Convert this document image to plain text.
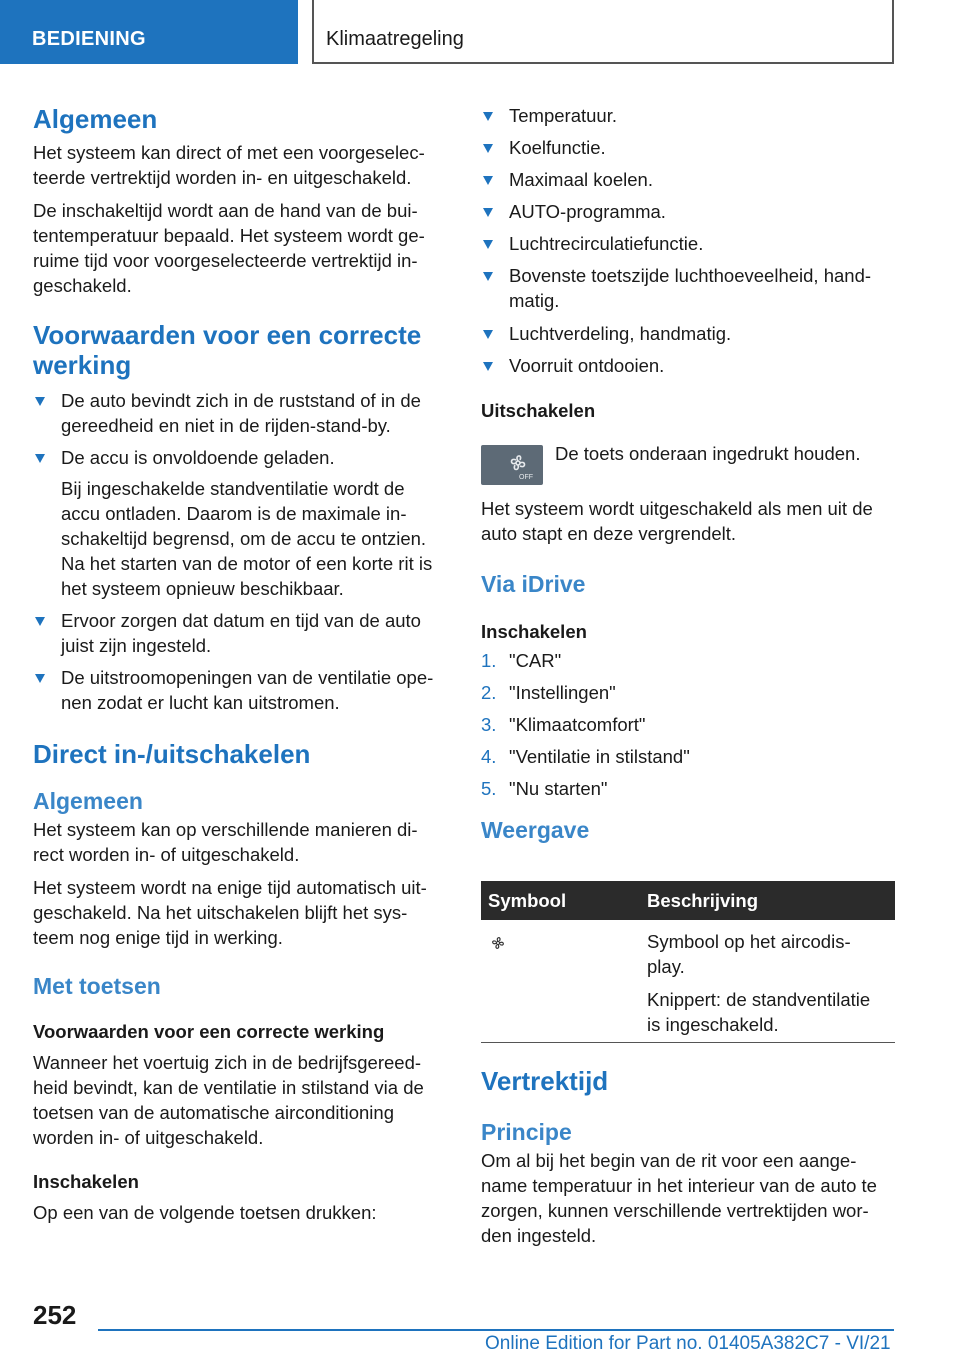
BEDIENING	Klimaatregeling
Algemeen
Het systeem kan direct of met een voorgeselec-teerde vertrektijd worden in- en uitgeschakeld.
De inschakeltijd wordt aan de hand van de bui-tentemperatuur bepaald. Het systeem wordt ge-ruime tijd voor voorgeselecteerde vertrektijd in-geschakeld.
Voorwaarden voor een correcte werking
De auto bevindt zich in de ruststand of in de gereedheid en niet in de rijden-stand-by.
De accu is onvoldoende geladen.
Bij ingeschakelde standventilatie wordt de accu ontladen. Daarom is de maximale in-schakeltijd begrensd, om de accu te ontzien. Na het starten van de motor of een korte rit is het systeem opnieuw beschikbaar.
Ervoor zorgen dat datum en tijd van de auto juist zijn ingesteld.
De uitstroomopeningen van de ventilatie ope-nen zodat er lucht kan uitstromen.
Direct in-/uitschakelen
Algemeen
Het systeem kan op verschillende manieren di-rect worden in- of uitgeschakeld.
Het systeem wordt na enige tijd automatisch uit-geschakeld. Na het uitschakelen blijft het sys-teem nog enige tijd in werking.
Met toetsen
Voorwaarden voor een correcte werking
Wanneer het voertuig zich in de bedrijfsgereed-heid bevindt, kan de ventilatie in stilstand via de toetsen van de automatische airconditioning worden in- of uitgeschakeld.
Inschakelen
Op een van de volgende toetsen drukken:
Temperatuur.
Koelfunctie.
Maximaal koelen.
AUTO-programma.
Luchtrecirculatiefunctie.
Bovenste toetszijde luchthoeveelheid, hand-matig.
Luchtverdeling, handmatig.
Voorruit ontdooien.
Uitschakelen
OFF
De toets onderaan ingedrukt houden.
Het systeem wordt uitgeschakeld als men uit de auto stapt en deze vergrendelt.
Via iDrive
Inschakelen
1. "CAR"
2. "Instellingen"
3. "Klimaatcomfort"
4. "Ventilatie in stilstand"
5. "Nu starten"
Weergave
Symbool	Beschrijving
Symbool op het aircodis-play.
Knippert: de standventilatie is ingeschakeld.
Vertrektijd
Principe
Om al bij het begin van de rit voor een aange-name temperatuur in het interieur van de auto te zorgen, kunnen verschillende vertrektijden wor-den ingesteld.
252
Online Edition for Part no. 01405A382C7 - VI/21
